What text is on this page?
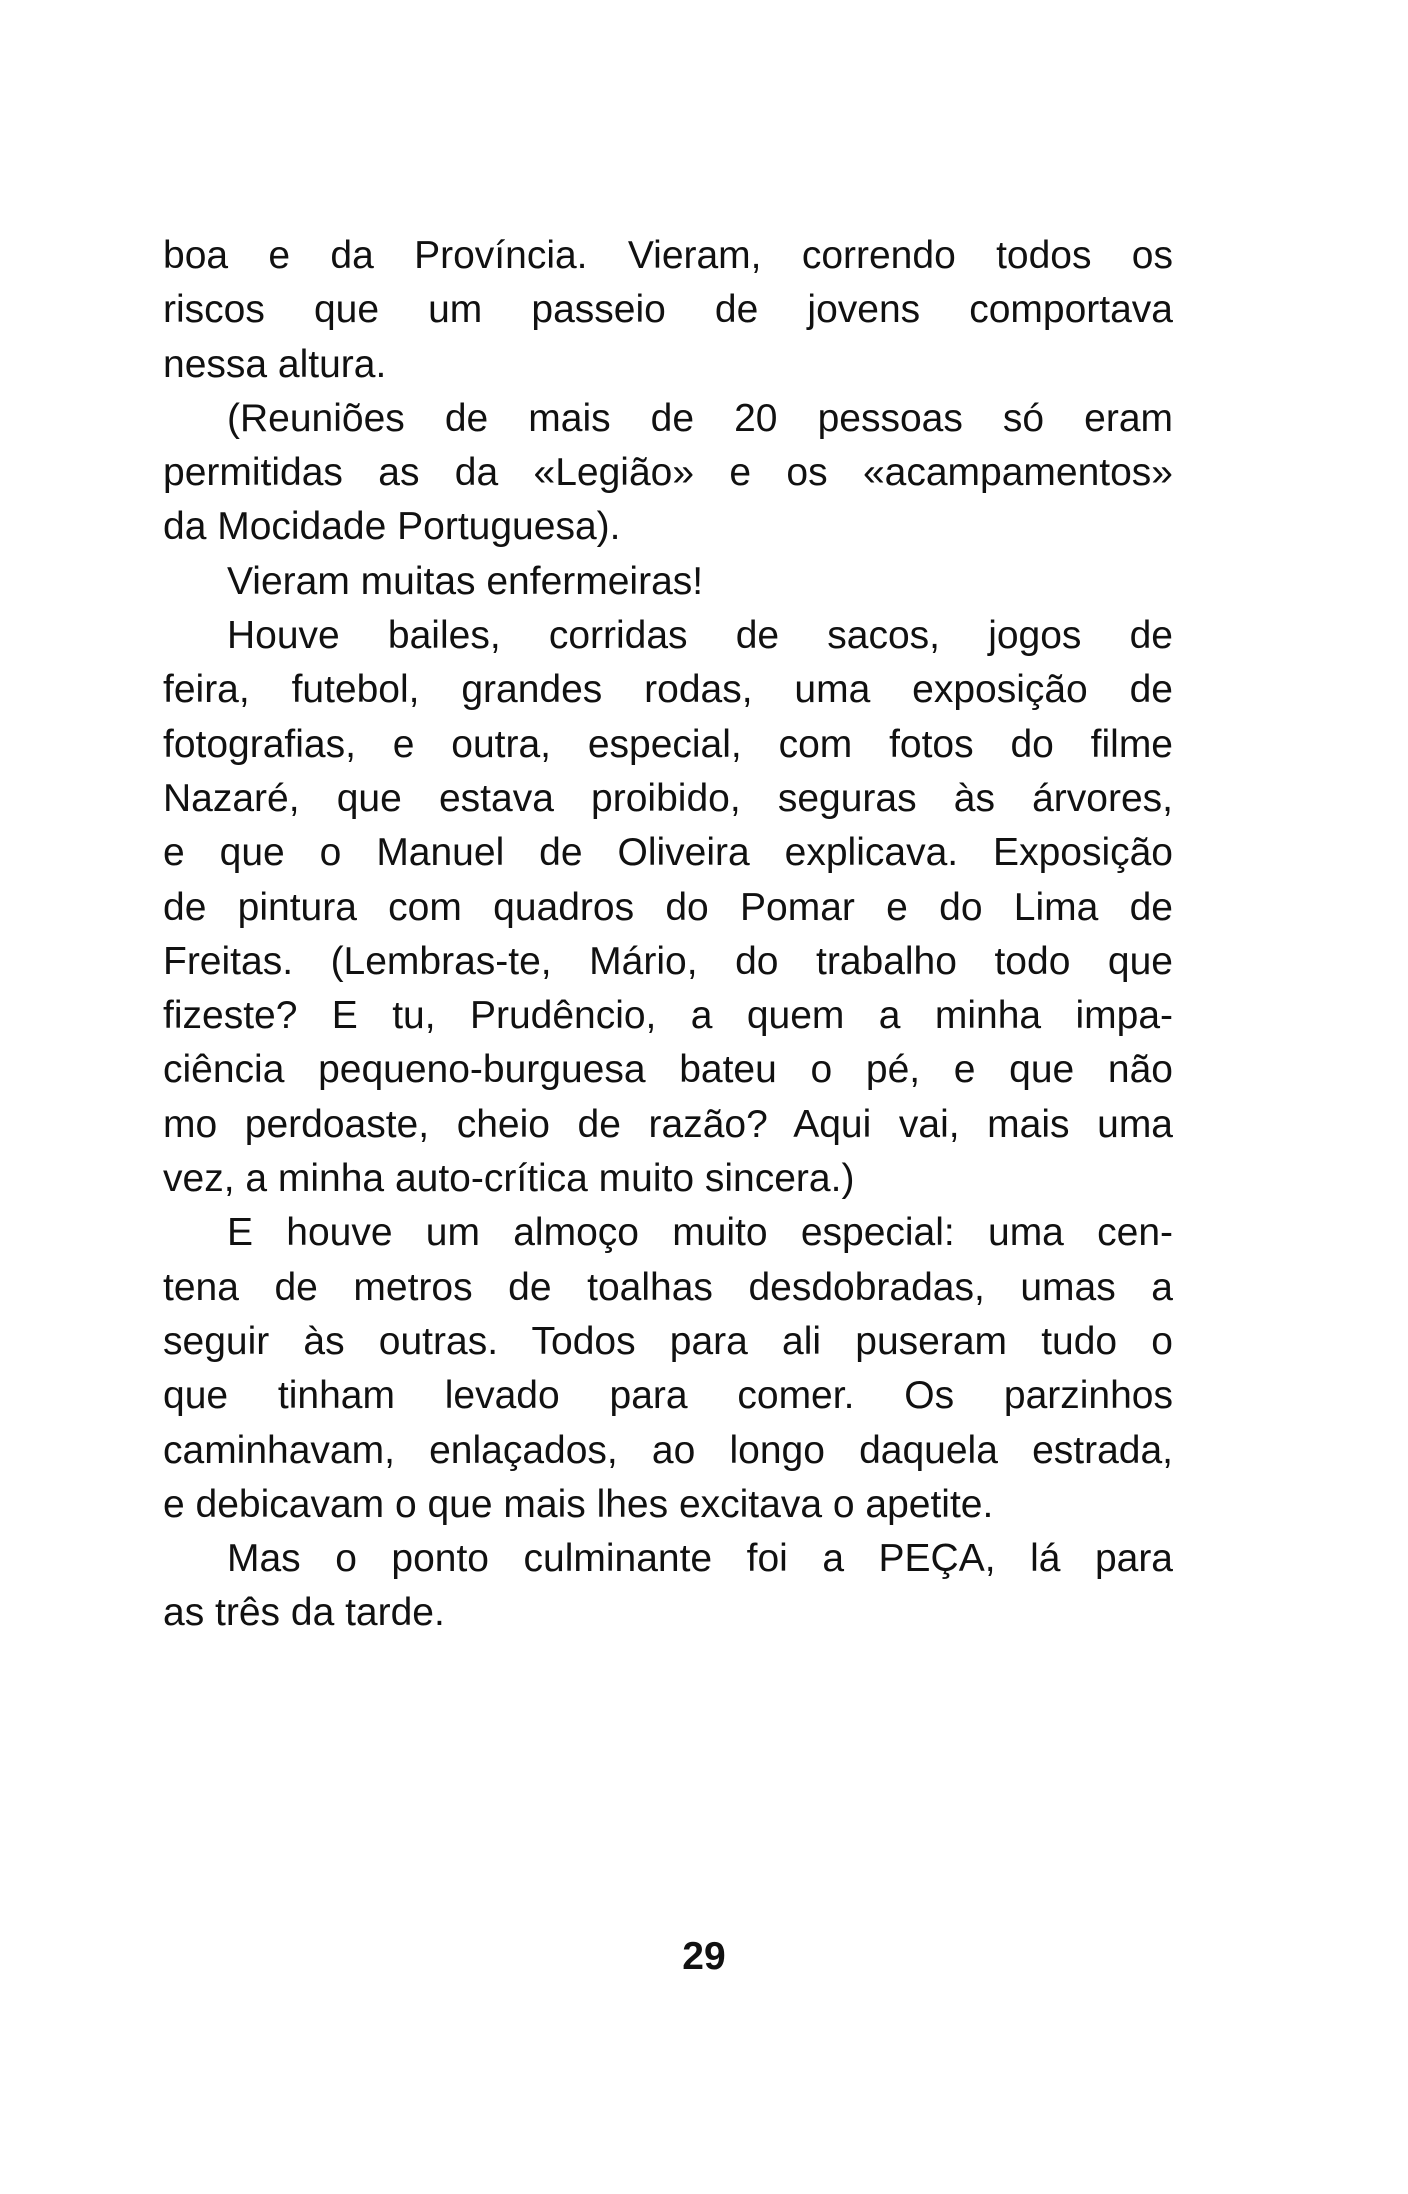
boa e da Província. Vieram, correndo todos os
riscos que um passeio de jovens comportava
nessa altura.
(Reuniões de mais de 20 pessoas só eram
permitidas as da «Legião» e os «acampamentos»
da Mocidade Portuguesa).
Vieram muitas enfermeiras!
Houve bailes, corridas de sacos, jogos de
feira, futebol, grandes rodas, uma exposição de
fotografias, e outra, especial, com fotos do filme
Nazaré, que estava proibido, seguras às árvores,
e que o Manuel de Oliveira explicava. Exposição
de pintura com quadros do Pomar e do Lima de
Freitas. (Lembras-te, Mário, do trabalho todo que
fizeste? E tu, Prudêncio, a quem a minha impa-
ciência pequeno-burguesa bateu o pé, e que não
mo perdoaste, cheio de razão? Aqui vai, mais uma
vez, a minha auto-crítica muito sincera.)
E houve um almoço muito especial: uma cen-
tena de metros de toalhas desdobradas, umas a
seguir às outras. Todos para ali puseram tudo o
que tinham levado para comer. Os parzinhos
caminhavam, enlaçados, ao longo daquela estrada,
e debicavam o que mais lhes excitava o apetite.
Mas o ponto culminante foi a PEÇA, lá para
as três da tarde.
29
